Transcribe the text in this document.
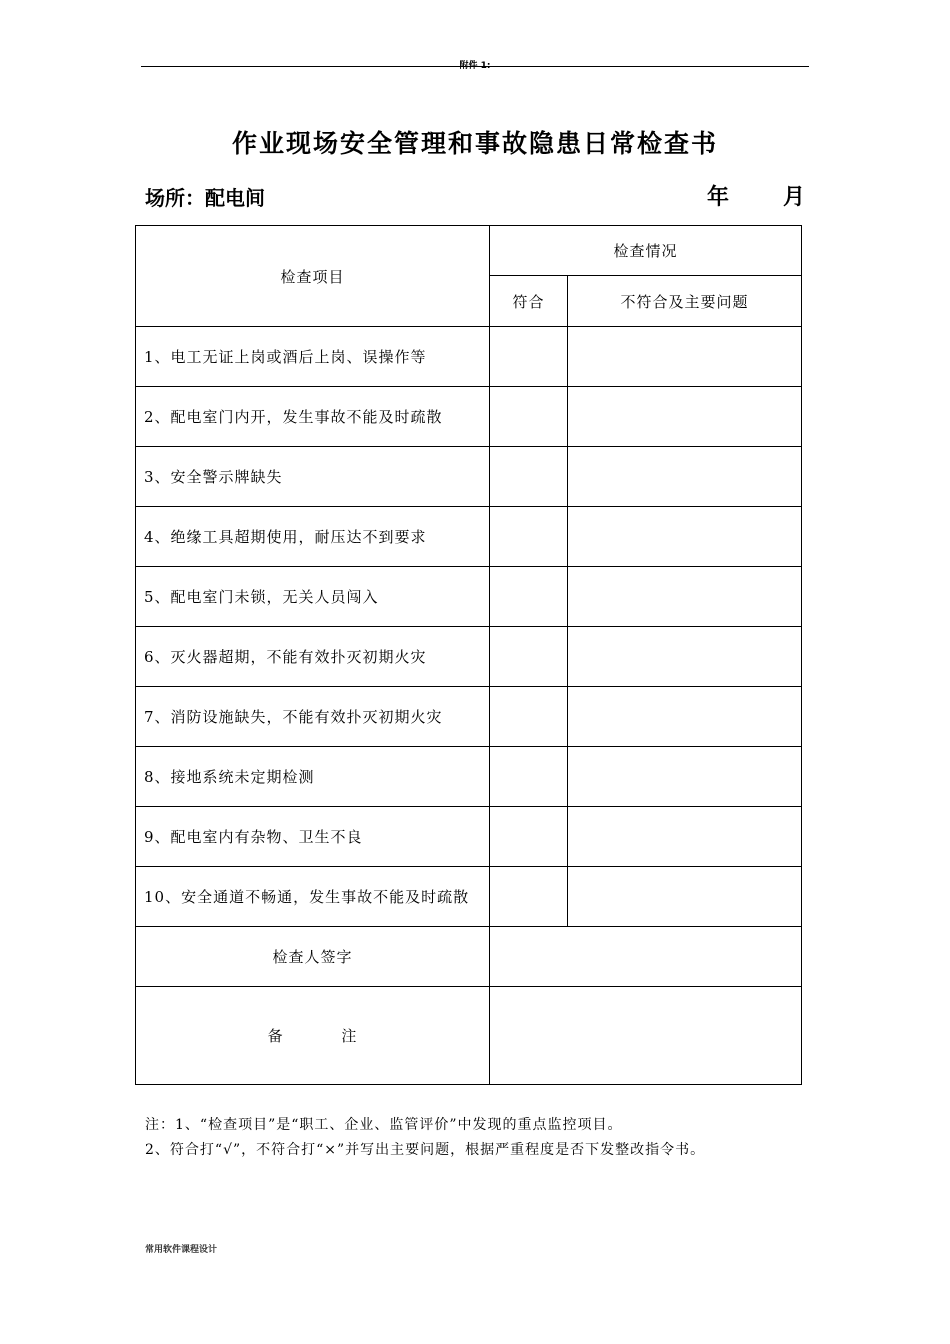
附件 1:
作业现场安全管理和事故隐患日常检查书
场所：配电间	年 月
检查项目	检查情况	
	符合	不符合及主要问题
1、电工无证上岗或酒后上岗、误操作等		
2、配电室门内开，发生事故不能及时疏散		
3、安全警示牌缺失		
4、绝缘工具超期使用，耐压达不到要求		
5、配电室门未锁，无关人员闯入		
6、灭火器超期，不能有效扑灭初期火灾		
7、消防设施缺失，不能有效扑灭初期火灾		
8、接地系统未定期检测		
9、配电室内有杂物、卫生不良		
10、安全通道不畅通，发生事故不能及时疏散		
检查人签字		
备          注		
注：1、“检查项目”是“职工、企业、监管评价”中发现的重点监控项目。
2、符合打“√”，不符合打“×”并写出主要问题，根据严重程度是否下发整改指令书。
常用软件课程设计
